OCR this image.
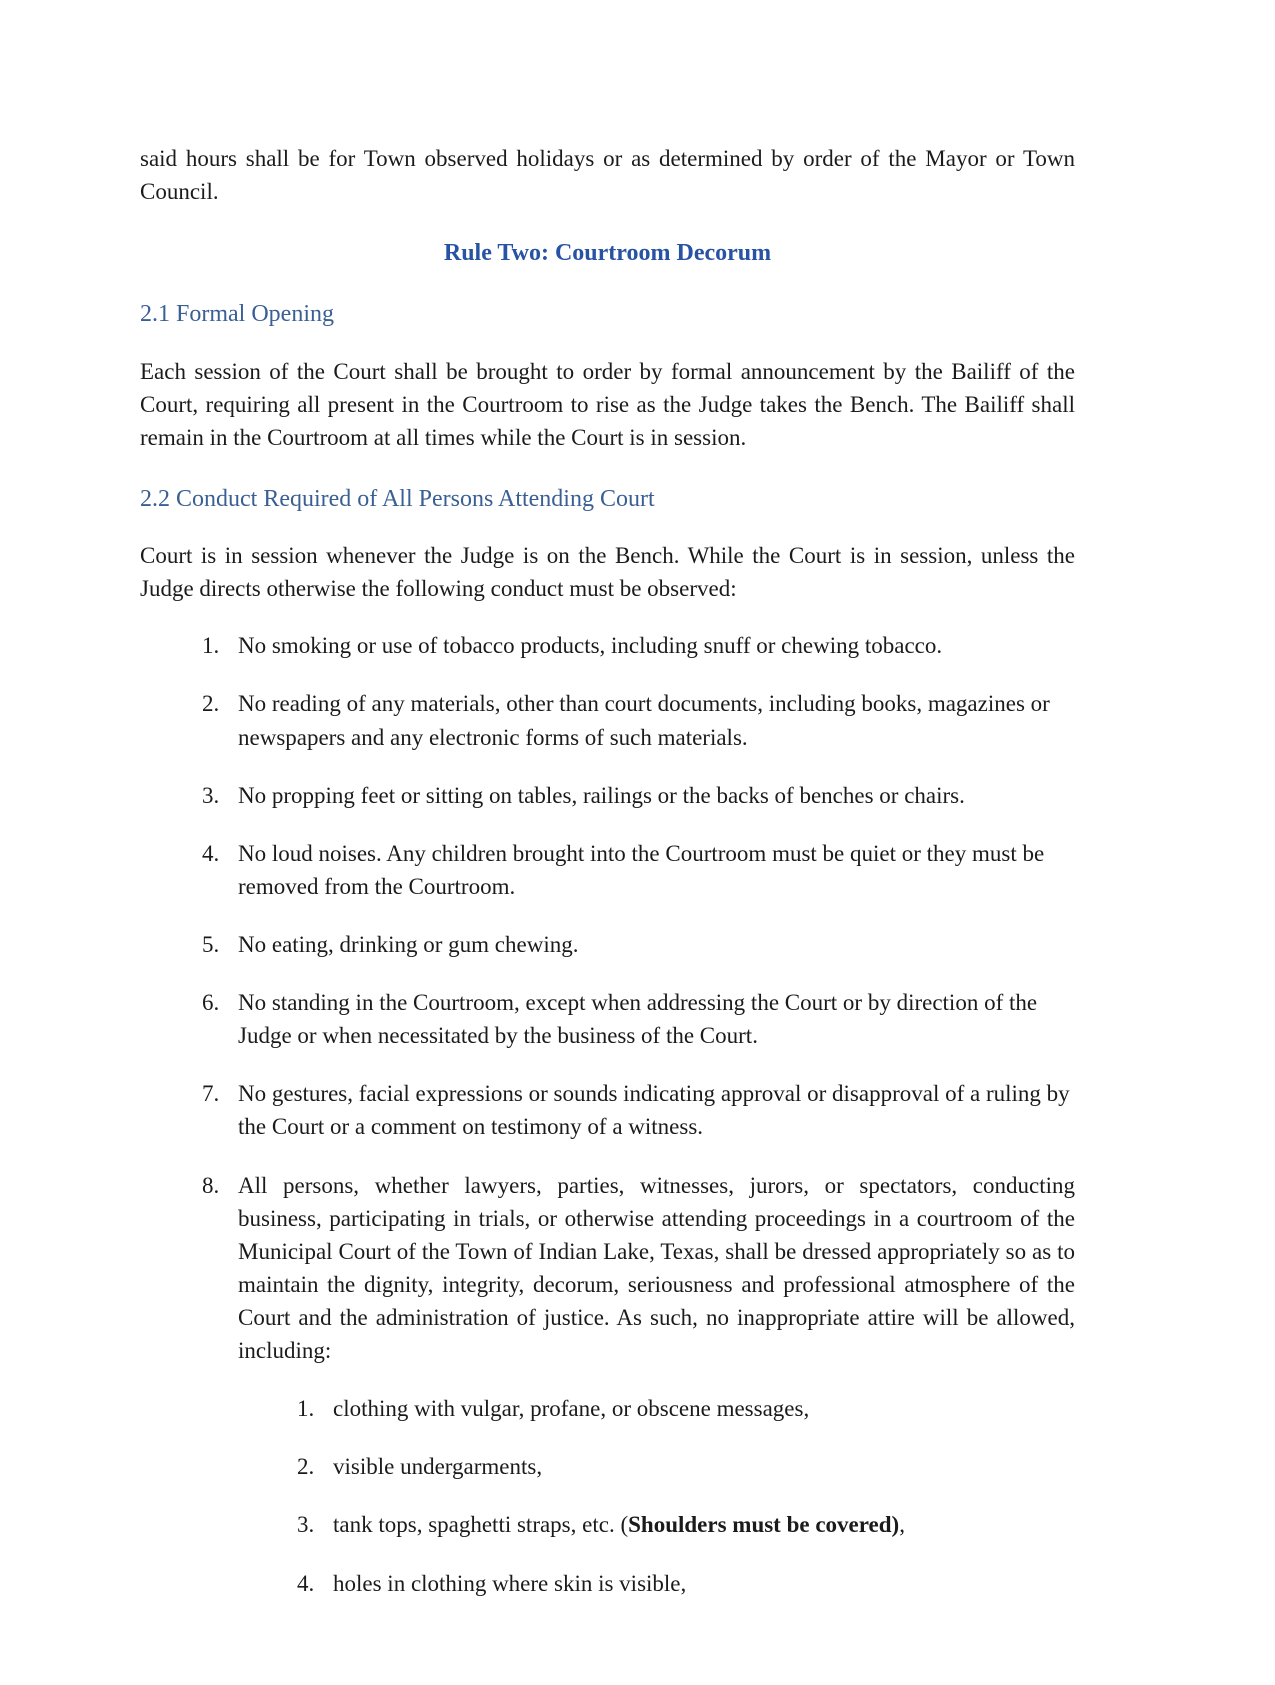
said hours shall be for Town observed holidays or as determined by order of the Mayor or Town Council.

Rule Two: Courtroom Decorum
2.1 Formal Opening

Each session of the Court shall be brought to order by formal announcement by the Bailiff of the Court, requiring all present in the Courtroom to rise as the Judge takes the Bench. The Bailiff shall remain in the Courtroom at all times while the Court is in session.

2.2 Conduct Required of All Persons Attending Court

Court is in session whenever the Judge is on the Bench. While the Court is in session, unless the Judge directs otherwise the following conduct must be observed:

1. No smoking or use of tobacco products, including snuff or chewing tobacco.
2. No reading of any materials, other than court documents, including books, magazines or newspapers and any electronic forms of such materials.
3. No propping feet or sitting on tables, railings or the backs of benches or chairs.
4. No loud noises. Any children brought into the Courtroom must be quiet or they must be removed from the Courtroom.
5. No eating, drinking or gum chewing.
6. No standing in the Courtroom, except when addressing the Court or by direction of the Judge or when necessitated by the business of the Court.
7. No gestures, facial expressions or sounds indicating approval or disapproval of a ruling by the Court or a comment on testimony of a witness.
8. All persons, whether lawyers, parties, witnesses, jurors, or spectators, conducting business, participating in trials, or otherwise attending proceedings in a courtroom of the Municipal Court of the Town of Indian Lake, Texas, shall be dressed appropriately so as to maintain the dignity, integrity, decorum, seriousness and professional atmosphere of the Court and the administration of justice. As such, no inappropriate attire will be allowed, including:
1. clothing with vulgar, profane, or obscene messages,
2. visible undergarments,
3. tank tops, spaghetti straps, etc. (Shoulders must be covered),
4. holes in clothing where skin is visible,
